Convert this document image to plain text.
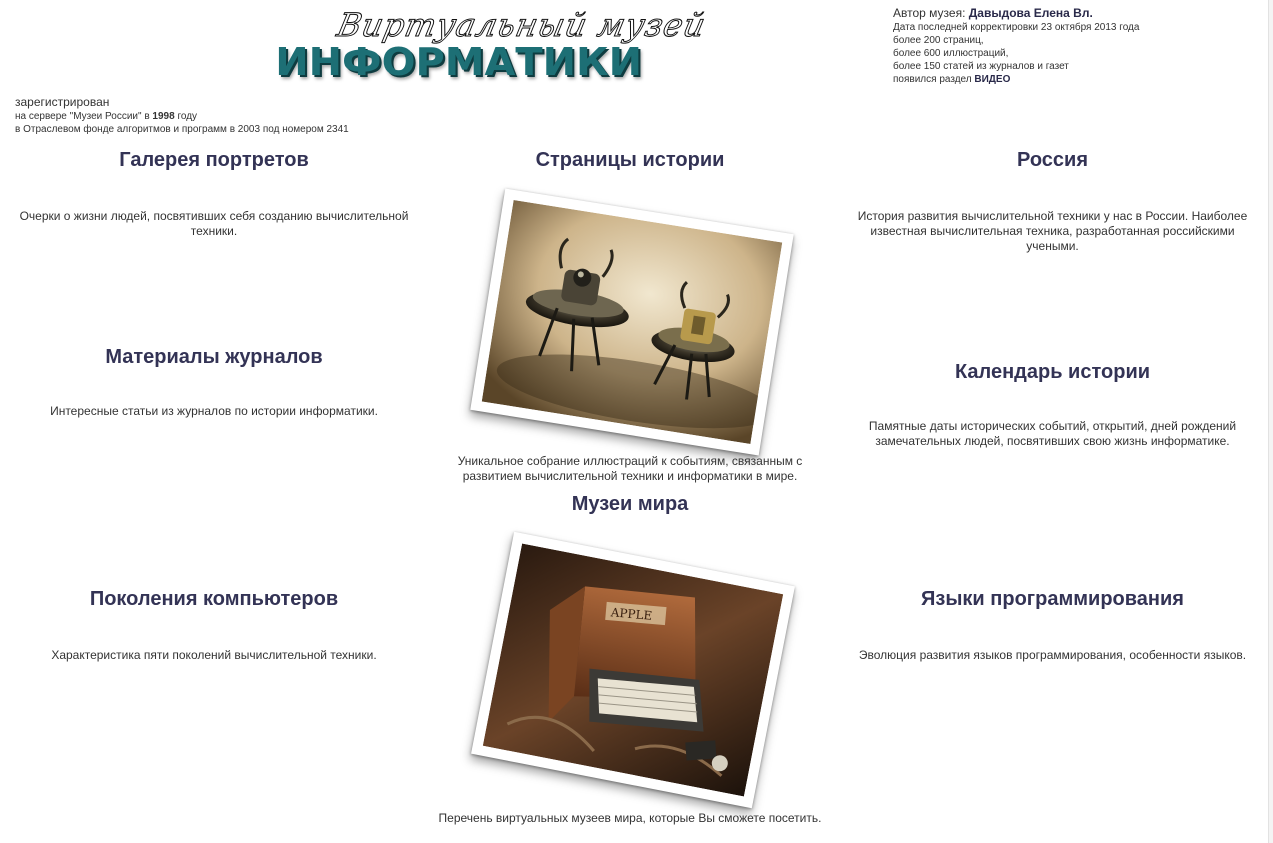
Виртуальный музей
ИНФОРМАТИКИ
Автор музея: Давыдова Елена Вл.
Дата последней корректировки 23 октября 2013 года
более 200 страниц,
более 600 иллюстраций,
более 150 статей из журналов и газет
появился раздел ВИДЕО
зарегистрирован
на сервере "Музеи России" в 1998 году
в Отраслевом фонде алгоритмов и программ в 2003 под номером 2341
Галерея портретов

Очерки о жизни людей, посвятивших себя созданию вычислительной техники.

Страницы истории
Уникальное собрание иллюстраций к событиям, связанным с развитием вычислительной техники и информатики в мире.
Россия

История развития вычислительной техники у нас в России. Наиболее известная вычислительная техника, разработанная российскими учеными.

Материалы журналов

Интересные статьи из журналов по истории информатики.

Календарь истории

Памятные даты исторических событий, открытий, дней рождений замечательных людей, посвятивших свою жизнь информатике.

Музеи мира
APPLE
Перечень виртуальных музеев мира, которые Вы сможете посетить.
Поколения компьютеров

Характеристика пяти поколений вычислительной техники.

Языки программирования

Эволюция развития языков программирования, особенности языков.
